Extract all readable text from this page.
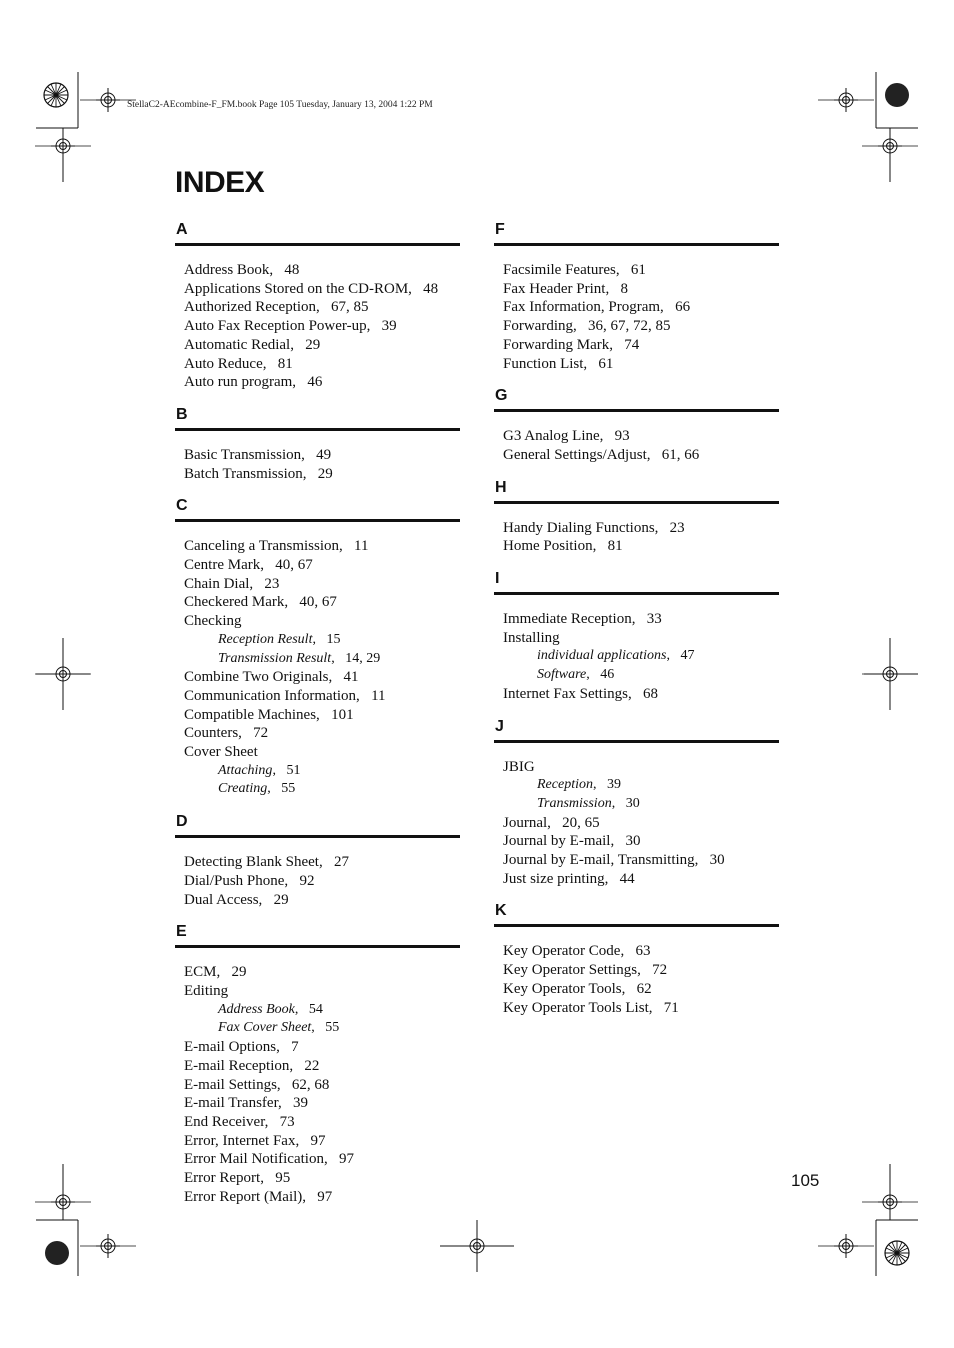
StellaC2-AEcombine-F_FM.book Page 105 Tuesday, January 13, 2004 1:22 PM
INDEX
A
Address Book, 48
Applications Stored on the CD-ROM, 48
Authorized Reception, 67, 85
Auto Fax Reception Power-up, 39
Automatic Redial, 29
Auto Reduce, 81
Auto run program, 46
B
Basic Transmission, 49
Batch Transmission, 29
C
Canceling a Transmission, 11
Centre Mark, 40, 67
Chain Dial, 23
Checkered Mark, 40, 67
Checking
Reception Result, 15
Transmission Result, 14, 29
Combine Two Originals, 41
Communication Information, 11
Compatible Machines, 101
Counters, 72
Cover Sheet
Attaching, 51
Creating, 55
D
Detecting Blank Sheet, 27
Dial/Push Phone, 92
Dual Access, 29
E
ECM, 29
Editing
Address Book, 54
Fax Cover Sheet, 55
E-mail Options, 7
E-mail Reception, 22
E-mail Settings, 62, 68
E-mail Transfer, 39
End Receiver, 73
Error, Internet Fax, 97
Error Mail Notification, 97
Error Report, 95
Error Report (Mail), 97
F
Facsimile Features, 61
Fax Header Print, 8
Fax Information, Program, 66
Forwarding, 36, 67, 72, 85
Forwarding Mark, 74
Function List, 61
G
G3 Analog Line, 93
General Settings/Adjust, 61, 66
H
Handy Dialing Functions, 23
Home Position, 81
I
Immediate Reception, 33
Installing
individual applications, 47
Software, 46
Internet Fax Settings, 68
J
JBIG
Reception, 39
Transmission, 30
Journal, 20, 65
Journal by E-mail, 30
Journal by E-mail, Transmitting, 30
Just size printing, 44
K
Key Operator Code, 63
Key Operator Settings, 72
Key Operator Tools, 62
Key Operator Tools List, 71
105
